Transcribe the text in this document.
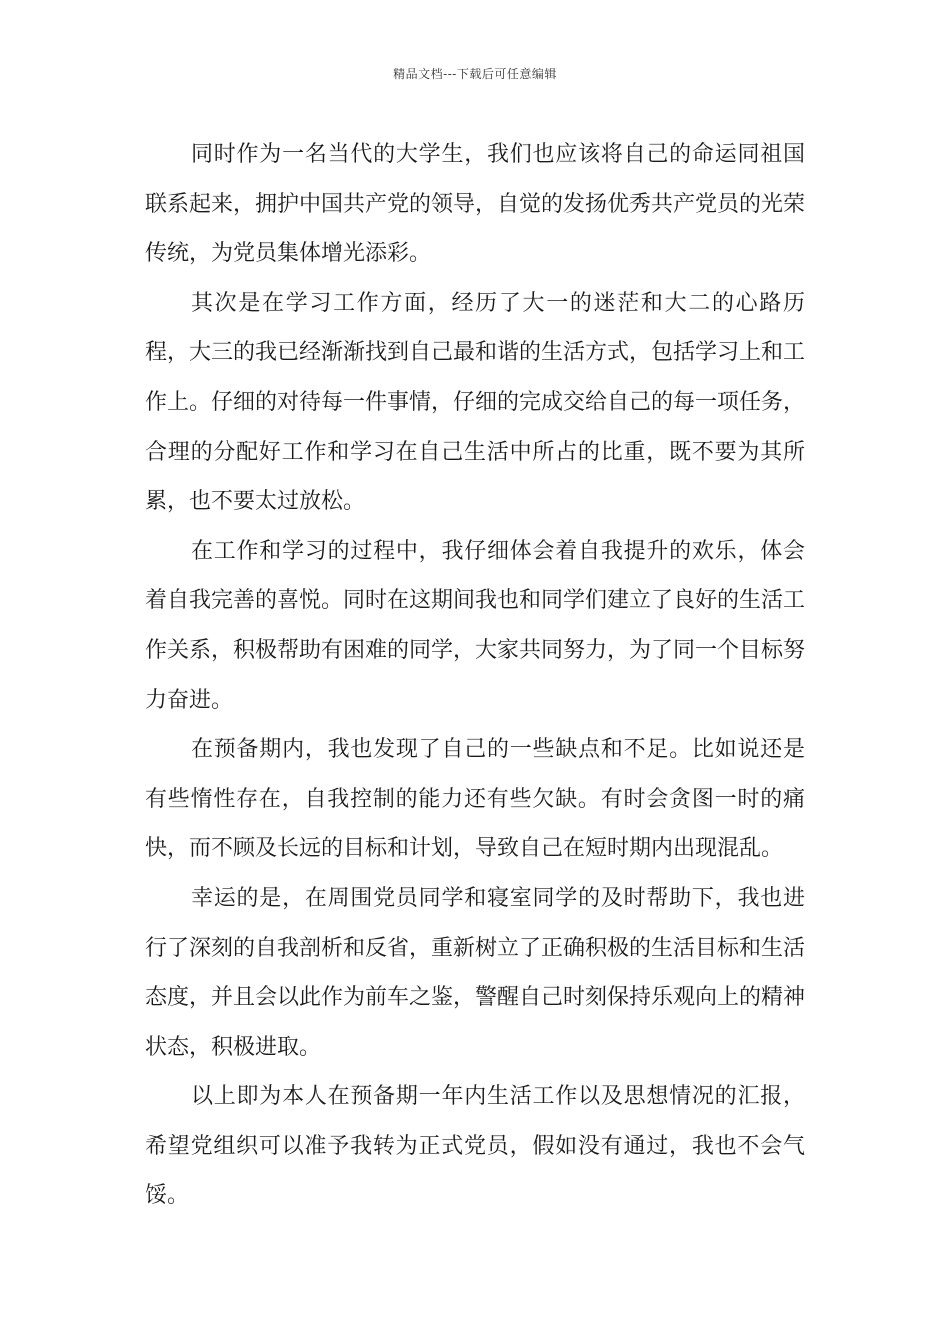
精品文档---下载后可任意编辑

同时作为一名当代的大学生，我们也应该将自己的命运同祖国联系起来，拥护中国共产党的领导，自觉的发扬优秀共产党员的光荣传统，为党员集体增光添彩。

其次是在学习工作方面，经历了大一的迷茫和大二的心路历程，大三的我已经渐渐找到自己最和谐的生活方式，包括学习上和工作上。仔细的对待每一件事情，仔细的完成交给自己的每一项任务，合理的分配好工作和学习在自己生活中所占的比重，既不要为其所累，也不要太过放松。

在工作和学习的过程中，我仔细体会着自我提升的欢乐，体会着自我完善的喜悦。同时在这期间我也和同学们建立了良好的生活工作关系，积极帮助有困难的同学，大家共同努力，为了同一个目标努力奋进。

在预备期内，我也发现了自己的一些缺点和不足。比如说还是有些惰性存在，自我控制的能力还有些欠缺。有时会贪图一时的痛快，而不顾及长远的目标和计划，导致自己在短时期内出现混乱。

幸运的是，在周围党员同学和寝室同学的及时帮助下，我也进行了深刻的自我剖析和反省，重新树立了正确积极的生活目标和生活态度，并且会以此作为前车之鉴，警醒自己时刻保持乐观向上的精神状态，积极进取。

以上即为本人在预备期一年内生活工作以及思想情况的汇报，希望党组织可以准予我转为正式党员，假如没有通过，我也不会气馁。
